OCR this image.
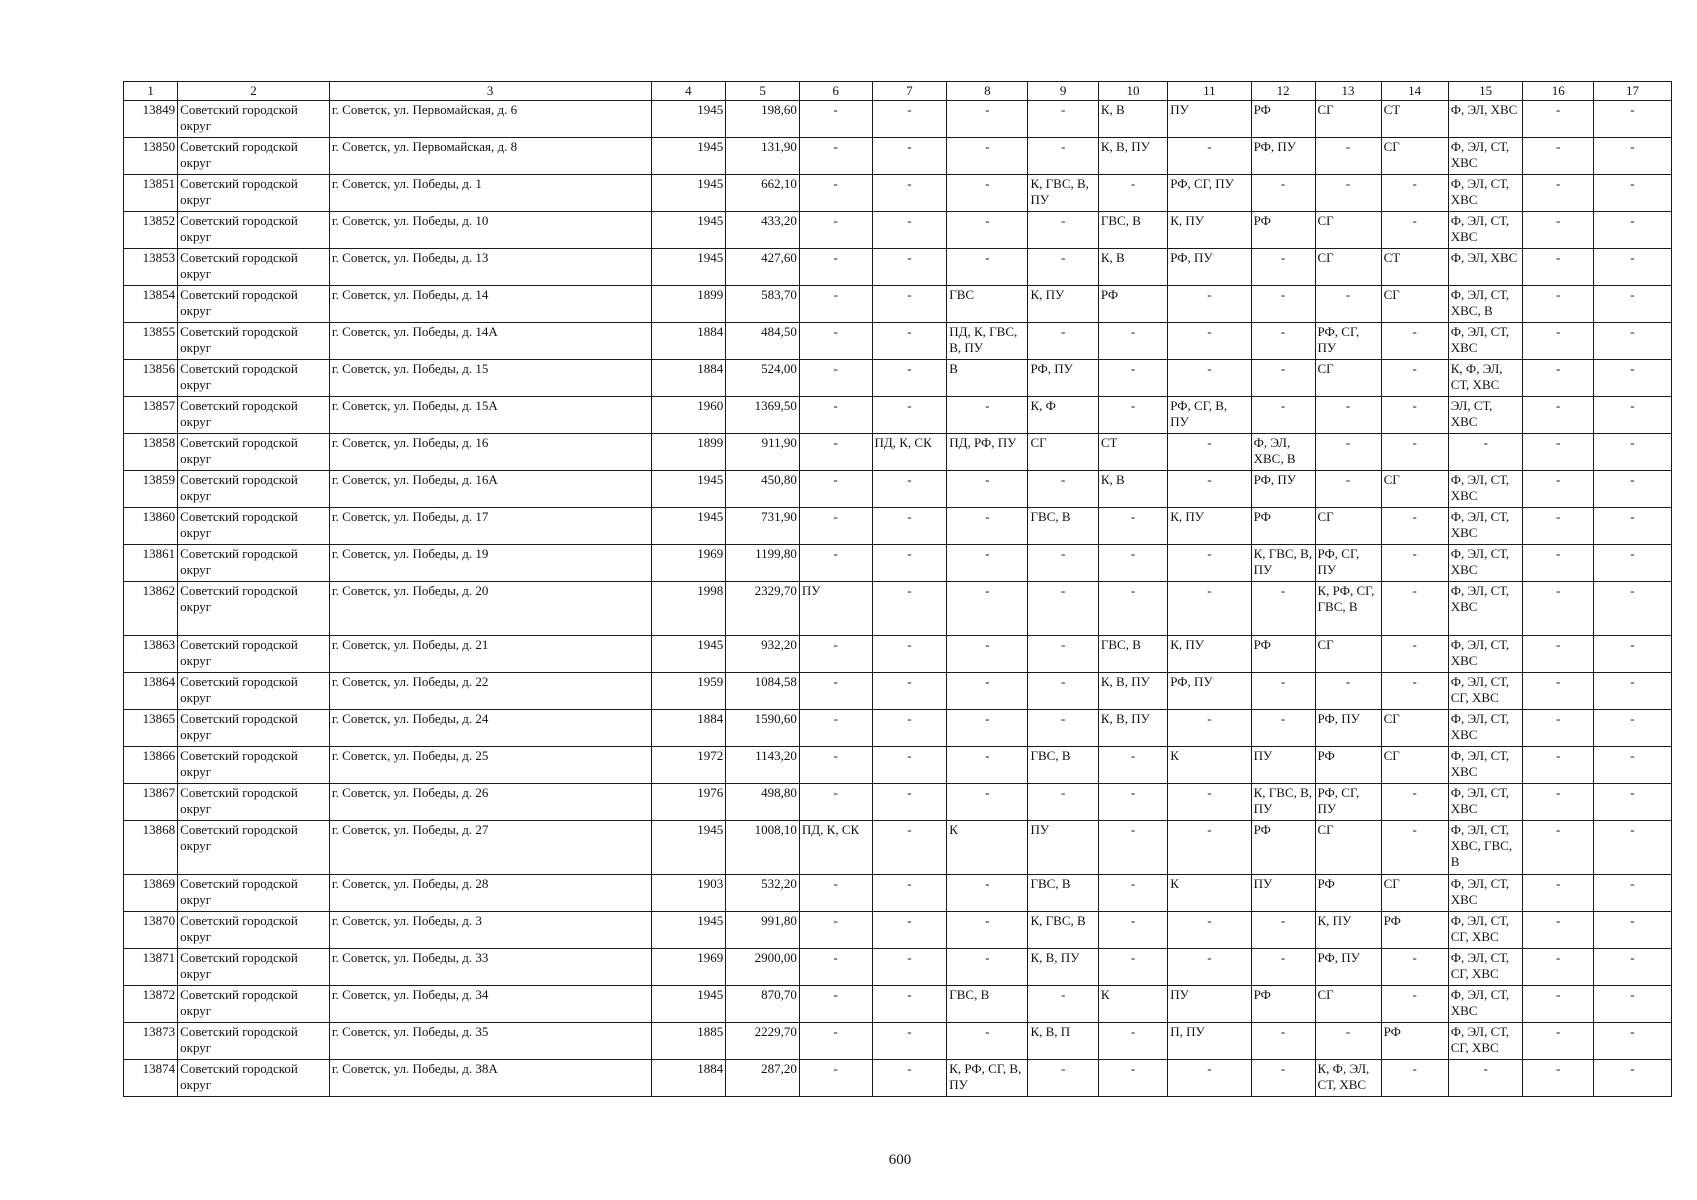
1	2	3	4	5	6	7	8	9	10	11	12	13	14	15	16	17
13849	Советский городской округ	г. Советск, ул. Первомайская, д. 6	1945	198,60	-	-	-	-	К, В	ПУ	РФ	СГ	СТ	Ф, ЭЛ, ХВС	-	-
13850	Советский городской округ	г. Советск, ул. Первомайская, д. 8	1945	131,90	-	-	-	-	К, В, ПУ	-	РФ, ПУ	-	СГ	Ф, ЭЛ, СТ, ХВС	-	-
13851	Советский городской округ	г. Советск, ул. Победы, д. 1	1945	662,10	-	-	-	К, ГВС, В, ПУ	-	РФ, СГ, ПУ	-	-	-	Ф, ЭЛ, СТ, ХВС	-	-
13852	Советский городской округ	г. Советск, ул. Победы, д. 10	1945	433,20	-	-	-	-	ГВС, В	К, ПУ	РФ	СГ	-	Ф, ЭЛ, СТ, ХВС	-	-
13853	Советский городской округ	г. Советск, ул. Победы, д. 13	1945	427,60	-	-	-	-	К, В	РФ, ПУ	-	СГ	СТ	Ф, ЭЛ, ХВС	-	-
13854	Советский городской округ	г. Советск, ул. Победы, д. 14	1899	583,70	-	-	ГВС	К, ПУ	РФ	-	-	-	СГ	Ф, ЭЛ, СТ, ХВС, В	-	-
13855	Советский городской округ	г. Советск, ул. Победы, д. 14А	1884	484,50	-	-	ПД, К, ГВС, В, ПУ	-	-	-	-	РФ, СГ, ПУ	-	Ф, ЭЛ, СТ, ХВС	-	-
13856	Советский городской округ	г. Советск, ул. Победы, д. 15	1884	524,00	-	-	В	РФ, ПУ	-	-	-	СГ	-	К, Ф, ЭЛ, СТ, ХВС	-	-
13857	Советский городской округ	г. Советск, ул. Победы, д. 15А	1960	1369,50	-	-	-	К, Ф	-	РФ, СГ, В, ПУ	-	-	-	ЭЛ, СТ, ХВС	-	-
13858	Советский городской округ	г. Советск, ул. Победы, д. 16	1899	911,90	-	ПД, К, СК	ПД, РФ, ПУ	СГ	СТ	-	Ф, ЭЛ, ХВС, В	-	-	-	-	-
13859	Советский городской округ	г. Советск, ул. Победы, д. 16А	1945	450,80	-	-	-	-	К, В	-	РФ, ПУ	-	СГ	Ф, ЭЛ, СТ, ХВС	-	-
13860	Советский городской округ	г. Советск, ул. Победы, д. 17	1945	731,90	-	-	-	ГВС, В	-	К, ПУ	РФ	СГ	-	Ф, ЭЛ, СТ, ХВС	-	-
13861	Советский городской округ	г. Советск, ул. Победы, д. 19	1969	1199,80	-	-	-	-	-	-	К, ГВС, В, ПУ	РФ, СГ, ПУ	-	Ф, ЭЛ, СТ, ХВС	-	-
13862	Советский городской округ	г. Советск, ул. Победы, д. 20	1998	2329,70	ПУ	-	-	-	-	-	-	К, РФ, СГ, ГВС, В	-	Ф, ЭЛ, СТ, ХВС	-	-
13863	Советский городской округ	г. Советск, ул. Победы, д. 21	1945	932,20	-	-	-	-	ГВС, В	К, ПУ	РФ	СГ	-	Ф, ЭЛ, СТ, ХВС	-	-
13864	Советский городской округ	г. Советск, ул. Победы, д. 22	1959	1084,58	-	-	-	-	К, В, ПУ	РФ, ПУ	-	-	-	Ф, ЭЛ, СТ, СГ, ХВС	-	-
13865	Советский городской округ	г. Советск, ул. Победы, д. 24	1884	1590,60	-	-	-	-	К, В, ПУ	-	-	РФ, ПУ	СГ	Ф, ЭЛ, СТ, ХВС	-	-
13866	Советский городской округ	г. Советск, ул. Победы, д. 25	1972	1143,20	-	-	-	ГВС, В	-	К	ПУ	РФ	СГ	Ф, ЭЛ, СТ, ХВС	-	-
13867	Советский городской округ	г. Советск, ул. Победы, д. 26	1976	498,80	-	-	-	-	-	-	К, ГВС, В, ПУ	РФ, СГ, ПУ	-	Ф, ЭЛ, СТ, ХВС	-	-
13868	Советский городской округ	г. Советск, ул. Победы, д. 27	1945	1008,10	ПД, К, СК	-	К	ПУ	-	-	РФ	СГ	-	Ф, ЭЛ, СТ, ХВС, ГВС, В	-	-
13869	Советский городской округ	г. Советск, ул. Победы, д. 28	1903	532,20	-	-	-	ГВС, В	-	К	ПУ	РФ	СГ	Ф, ЭЛ, СТ, ХВС	-	-
13870	Советский городской округ	г. Советск, ул. Победы, д. 3	1945	991,80	-	-	-	К, ГВС, В	-	-	-	К, ПУ	РФ	Ф, ЭЛ, СТ, СГ, ХВС	-	-
13871	Советский городской округ	г. Советск, ул. Победы, д. 33	1969	2900,00	-	-	-	К, В, ПУ	-	-	-	РФ, ПУ	-	Ф, ЭЛ, СТ, СГ, ХВС	-	-
13872	Советский городской округ	г. Советск, ул. Победы, д. 34	1945	870,70	-	-	ГВС, В	-	К	ПУ	РФ	СГ	-	Ф, ЭЛ, СТ, ХВС	-	-
13873	Советский городской округ	г. Советск, ул. Победы, д. 35	1885	2229,70	-	-	-	К, В, П	-	П, ПУ	-	-	РФ	Ф, ЭЛ, СТ, СГ, ХВС	-	-
13874	Советский городской округ	г. Советск, ул. Победы, д. 38А	1884	287,20	-	-	К, РФ, СГ, В, ПУ	-	-	-	-	К, Ф, ЭЛ, СТ, ХВС	-	-	-	-
600
